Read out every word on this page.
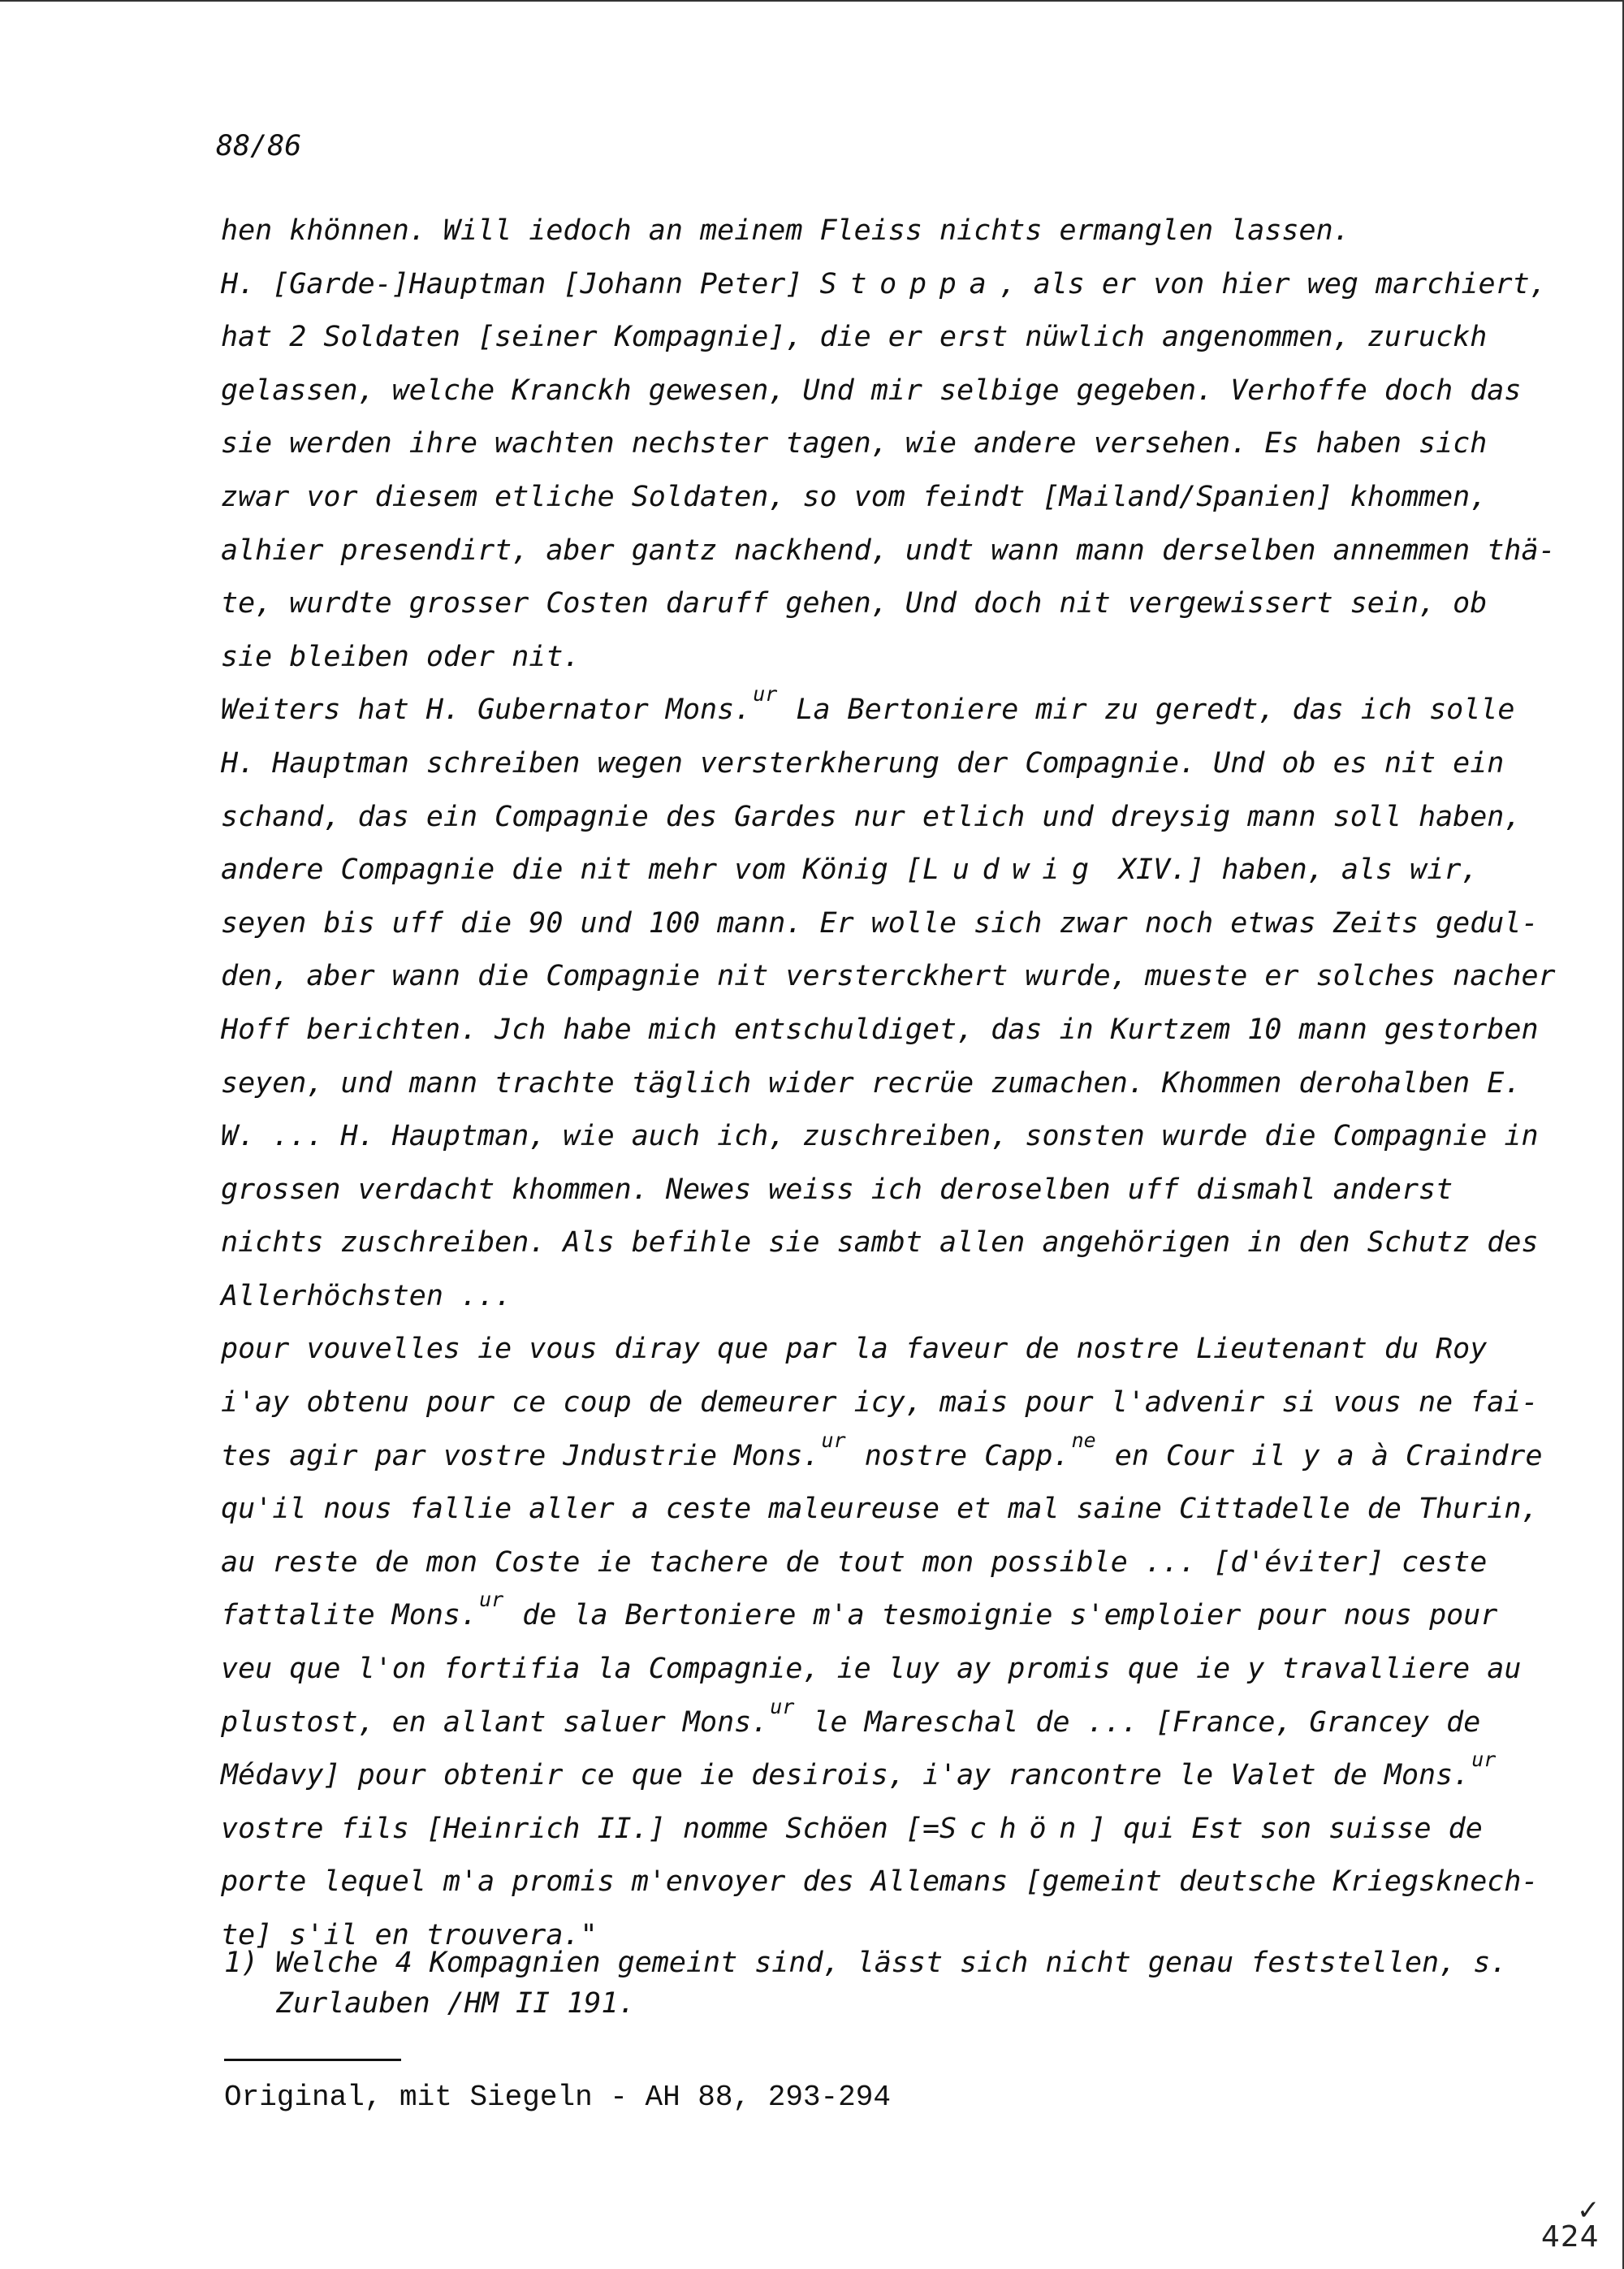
88/86

hen khönnen. Will iedoch an meinem Fleiss nichts ermanglen lassen.
H. [Garde-]Hauptman [Johann Peter] Stoppa, als er von hier weg marchiert,
hat 2 Soldaten [seiner Kompagnie], die er erst nüwlich angenommen, zuruckh
gelassen, welche Kranckh gewesen, Und mir selbige gegeben. Verhoffe doch das
sie werden ihre wachten nechster tagen, wie andere versehen. Es haben sich
zwar vor diesem etliche Soldaten, so vom feindt [Mailand/Spanien] khommen,
alhier presendirt, aber gantz nackhend, undt wann mann derselben annemmen thä-
te, wurdte grosser Costen daruff gehen, Und doch nit vergewissert sein, ob
sie bleiben oder nit.
Weiters hat H. Gubernator Mons.$^{ur}$ La Bertoniere mir zu geredt, das ich solle
H. Hauptman schreiben wegen versterkherung der Compagnie. Und ob es nit ein
schand, das ein Compagnie des Gardes nur etlich und dreysig mann soll haben,
andere Compagnie die nit mehr vom König [Ludwig XIV.] haben, als wir,
seyen bis uff die 90 und 100 mann. Er wolle sich zwar noch etwas Zeits gedul-
den, aber wann die Compagnie nit versterckhert wurde, mueste er solches nacher
Hoff berichten. Jch habe mich entschuldiget, das in Kurtzem 10 mann gestorben
seyen, und mann trachte täglich wider recrüe zumachen. Khommen derohalben E.
W. ... H. Hauptman, wie auch ich, zuschreiben, sonsten wurde die Compagnie in
grossen verdacht khommen. Newes weiss ich deroselben uff dismahl anderst
nichts zuschreiben. Als befihle sie sambt allen angehörigen in den Schutz des
Allerhöchsten ...
pour vouvelles ie vous diray que par la faveur de nostre Lieutenant du Roy
i'ay obtenu pour ce coup de demeurer icy, mais pour l'advenir si vous ne fai-
tes agir par vostre Jndustrie Mons.$^{ur}$ nostre Capp.$^{ne}$ en Cour il y a à Craindre
qu'il nous fallie aller a ceste maleureuse et mal saine Cittadelle de Thurin,
au reste de mon Coste ie tachere de tout mon possible ... [d'éviter] ceste
fattalite Mons.$^{ur}$ de la Bertoniere m'a tesmoignie s'emploier pour nous pour
veu que l'on fortifia la Compagnie, ie luy ay promis que ie y travalliere au
plustost, en allant saluer Mons.$^{ur}$ le Mareschal de ... [France, Grancey de
Médavy] pour obtenir ce que ie desirois, i'ay rancontre le Valet de Mons.$^{ur}$
vostre fils [Heinrich II.] nomme Schöen [=Schön] qui Est son suisse de
porte lequel m'a promis m'envoyer des Allemans [gemeint deutsche Kriegsknech-
te] s'il en trouvera."
1) Welche 4 Kompagnien gemeint sind, lässt sich nicht genau feststellen, s.
Zurlauben /HM II 191.
Original, mit Siegeln - AH 88, 293-294
✓
424
